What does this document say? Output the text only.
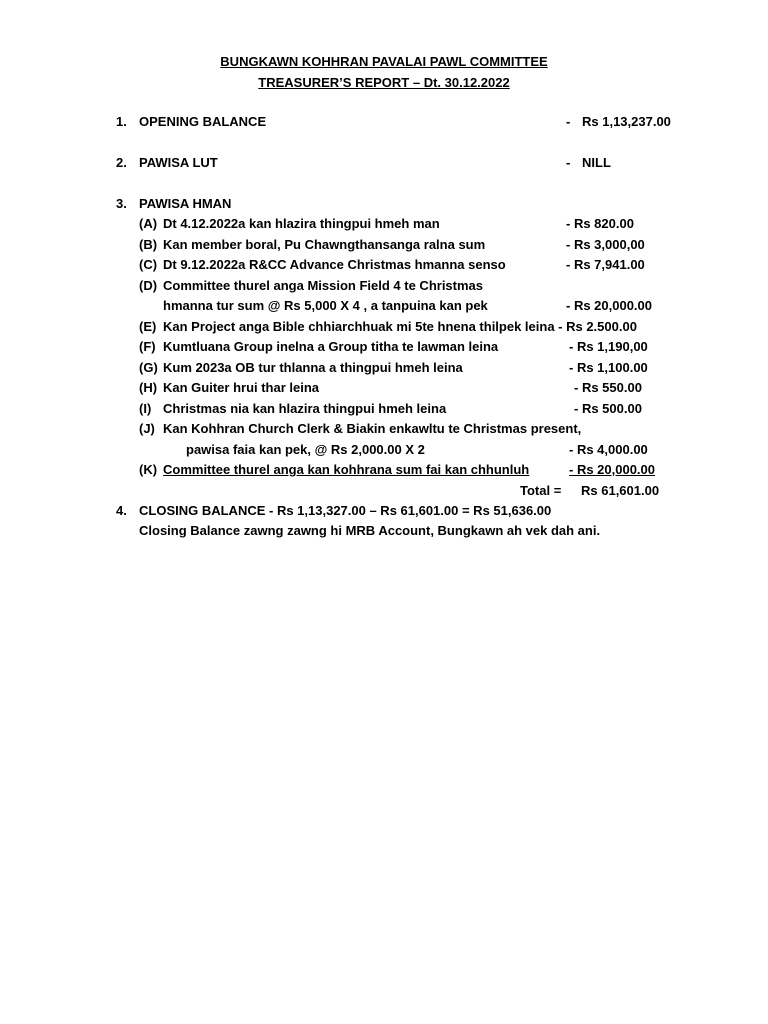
BUNGKAWN KOHHRAN PAVALAI PAWL COMMITTEE
TREASURER’S REPORT – Dt. 30.12.2022
1. OPENING BALANCE	- Rs 1,13,237.00
2. PAWISA LUT	- NILL
3. PAWISA HMAN
(A) Dt 4.12.2022a kan hlazira thingpui hmeh man	- Rs 820.00
(B) Kan member boral, Pu Chawngthansanga ralna sum	- Rs 3,000,00
(C) Dt 9.12.2022a R&CC Advance Christmas hmanna senso	- Rs 7,941.00
(D) Committee thurel anga Mission Field 4 te Christmas
hmanna tur sum @ Rs 5,000 X 4 , a tanpuina kan pek	- Rs 20,000.00
(E) Kan Project anga Bible chhiarchhuak mi 5te hnena thilpek leina - Rs 2.500.00
(F) Kumtluana Group inelna a Group titha te lawman leina	- Rs 1,190,00
(G) Kum 2023a OB tur thlanna a thingpui hmeh leina	- Rs 1,100.00
(H) Kan Guiter hrui thar leina	- Rs 550.00
(I) Christmas nia kan hlazira thingpui hmeh leina	- Rs 500.00
(J) Kan Kohhran Church Clerk & Biakin enkawltu te Christmas present,
pawisa faia kan pek, @ Rs 2,000.00 X 2	- Rs 4,000.00
(K) Committee thurel anga kan kohhrana sum fai kan chhunluh	- Rs 20,000.00
Total = Rs 61,601.00
4. CLOSING BALANCE - Rs 1,13,327.00 – Rs 61,601.00 = Rs 51,636.00
Closing Balance zawng zawng hi MRB Account, Bungkawn ah vek dah ani.
